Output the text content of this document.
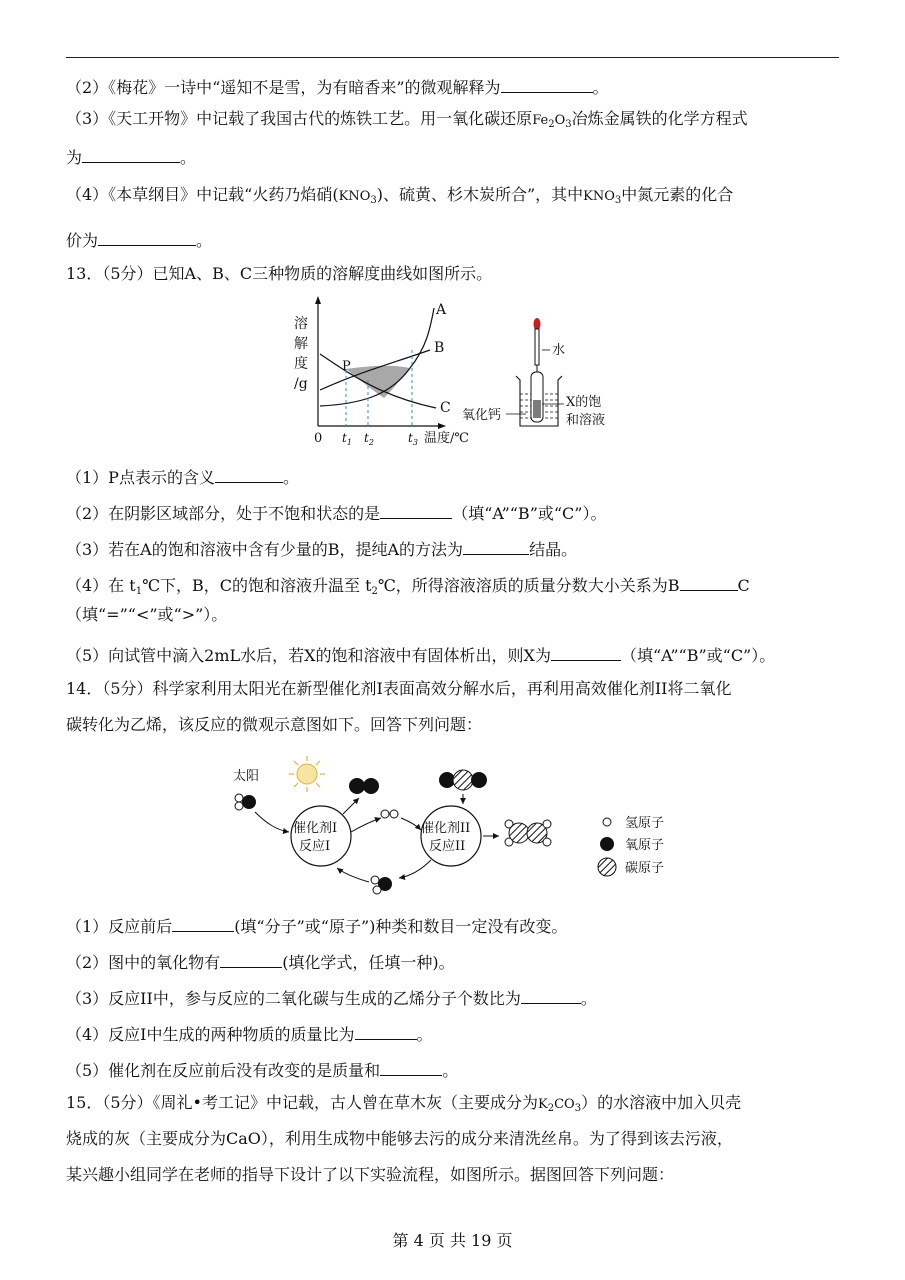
（2）《梅花》一诗中“遥知不是雪，为有暗香来”的微观解释为	。
（3）《天工开物》中记载了我国古代的炼铁工艺。用一氧化碳还原$Fe_2O_3$冶炼金属铁的化学方程式
为	。
（4）《本草纲目》中记载“火药乃焰硝$(KNO_3)$、硫黄、杉木炭所合”，其中$KNO_3$中氮元素的化合
价为	。
13．（5分）已知A、B、C三种物质的溶解度曲线如图所示。
溶
解
度
/g
0
P
A
B
C
$t_1$ $t_2$	$t_3$ 温度/℃
水
氧化钙
X的饱
和溶液
（1）P点表示的含义	。
（2）在阴影区域部分，处于不饱和状态的是	（填“A”“B”或“C”）。
（3）若在A的饱和溶液中含有少量的B，提纯A的方法为	结晶。
（4）在 $t_1℃$下，B，C的饱和溶液升温至 $t_2℃$，所得溶液溶质的质量分数大小关系为B	C
（填“=”“<”或“>”）。
（5）向试管中滴入2mL水后，若X的饱和溶液中有固体析出，则X为	（填“A”“B”或“C”）。
14．（5分）科学家利用太阳光在新型催化剂I表面高效分解水后，再利用高效催化剂II将二氧化
碳转化为乙烯，该反应的微观示意图如下。回答下列问题：
太阳
催化剂I
反应I
催化剂II
反应II
氢原子
氧原子
碳原子
（1）反应前后	(填“分子”或“原子”)种类和数目一定没有改变。
（2）图中的氧化物有	(填化学式，任填一种)。
（3）反应II中，参与反应的二氧化碳与生成的乙烯分子个数比为	。
（4）反应I中生成的两种物质的质量比为	。
（5）催化剂在反应前后没有改变的是质量和	。
15．（5分）《周礼•考工记》中记载，古人曾在草木灰（主要成分为$K_2CO_3$）的水溶液中加入贝壳
烧成的灰（主要成分为CaO），利用生成物中能够去污的成分来清洗丝帛。为了得到该去污液，
某兴趣小组同学在老师的指导下设计了以下实验流程，如图所示。据图回答下列问题：
第 4 页 共 19 页
